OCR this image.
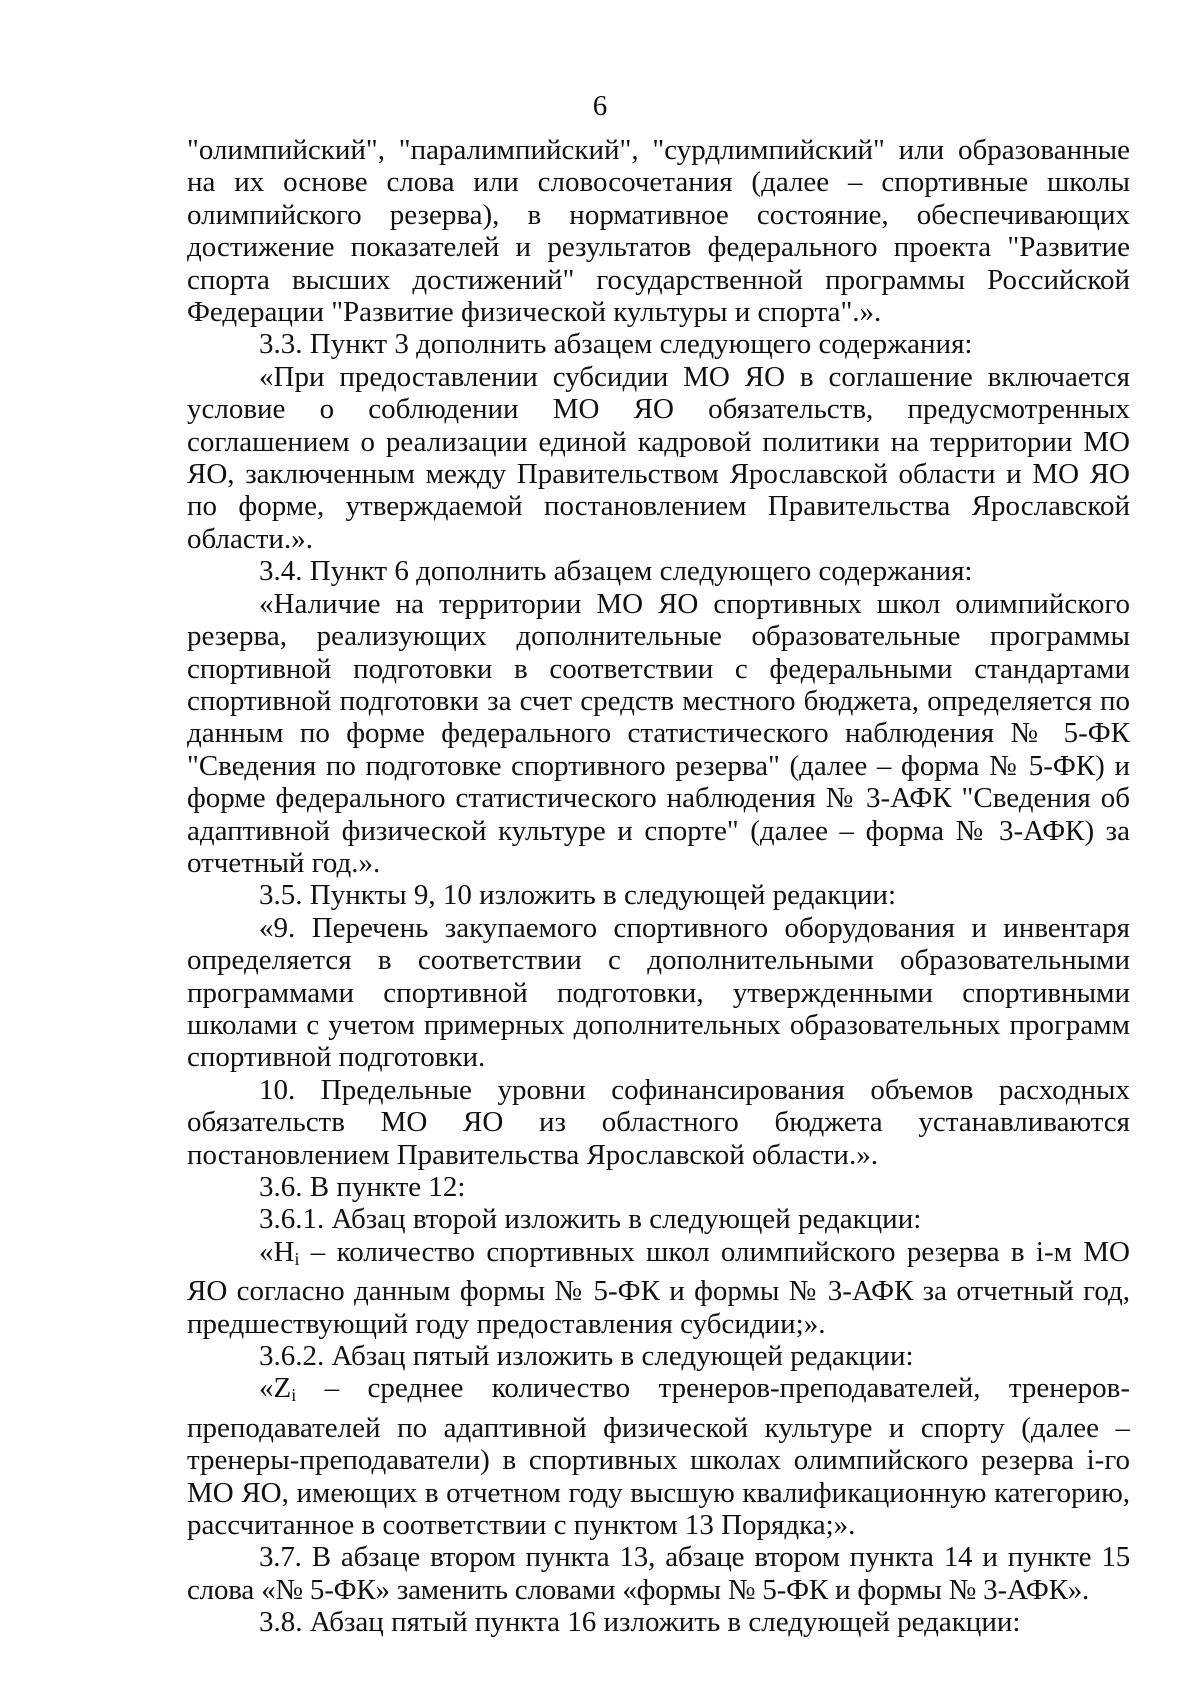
6

"олимпийский", "паралимпийский", "сурдлимпийский" или образованные на их основе слова или словосочетания (далее – спортивные школы олимпийского резерва), в нормативное состояние, обеспечивающих достижение показателей и результатов федерального проекта "Развитие спорта высших достижений" государственной программы Российской Федерации "Развитие физической культуры и спорта".».

3.3. Пункт 3 дополнить абзацем следующего содержания:

«При предоставлении субсидии МО ЯО в соглашение включается условие о соблюдении МО ЯО обязательств, предусмотренных соглашением о реализации единой кадровой политики на территории МО ЯО, заключенным между Правительством Ярославской области и МО ЯО по форме, утверждаемой постановлением Правительства Ярославской области.».

3.4. Пункт 6 дополнить абзацем следующего содержания:

«Наличие на территории МО ЯО спортивных школ олимпийского резерва, реализующих дополнительные образовательные программы спортивной подготовки в соответствии с федеральными стандартами спортивной подготовки за счет средств местного бюджета, определяется по данным по форме федерального статистического наблюдения № 5-ФК "Сведения по подготовке спортивного резерва" (далее – форма № 5-ФК) и форме федерального статистического наблюдения № 3-АФК "Сведения об адаптивной физической культуре и спорте" (далее – форма № 3-АФК) за отчетный год.».

3.5. Пункты 9, 10 изложить в следующей редакции:

«9. Перечень закупаемого спортивного оборудования и инвентаря определяется в соответствии с дополнительными образовательными программами спортивной подготовки, утвержденными спортивными школами с учетом примерных дополнительных образовательных программ спортивной подготовки.

10. Предельные уровни софинансирования объемов расходных обязательств МО ЯО из областного бюджета устанавливаются постановлением Правительства Ярославской области.».

3.6. В пункте 12:

3.6.1. Абзац второй изложить в следующей редакции:

«$H_i$ – количество спортивных школ олимпийского резерва в i-м МО ЯО согласно данным формы № 5-ФК и формы № 3-АФК за отчетный год, предшествующий году предоставления субсидии;».

3.6.2. Абзац пятый изложить в следующей редакции:

«$Z_i$ – среднее количество тренеров-преподавателей, тренеров-преподавателей по адаптивной физической культуре и спорту (далее – тренеры-преподаватели) в спортивных школах олимпийского резерва i-го МО ЯО, имеющих в отчетном году высшую квалификационную категорию, рассчитанное в соответствии с пунктом 13 Порядка;».

3.7. В абзаце втором пункта 13, абзаце втором пункта 14 и пункте 15 слова «№ 5-ФК» заменить словами «формы № 5-ФК и формы № 3-АФК».

3.8. Абзац пятый пункта 16 изложить в следующей редакции:
